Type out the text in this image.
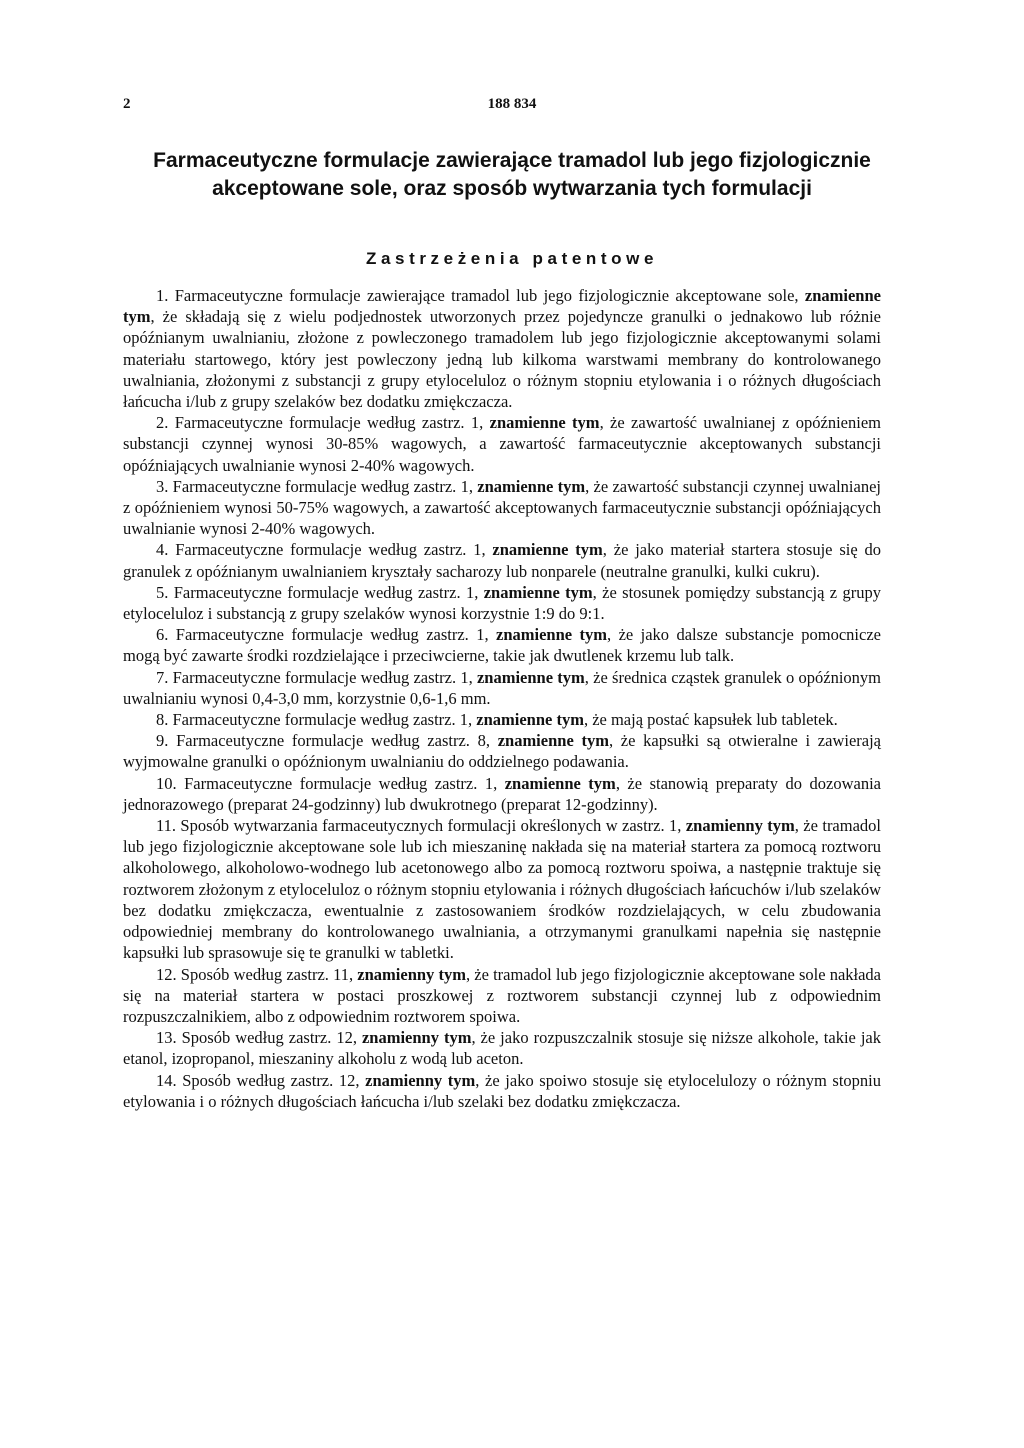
2	188 834
Farmaceutyczne formulacje zawierające tramadol lub jego fizjologicznie
akceptowane sole, oraz sposób wytwarzania tych formulacji
Zastrzeżenia patentowe

1. Farmaceutyczne formulacje zawierające tramadol lub jego fizjologicznie akceptowane sole, znamienne tym, że składają się z wielu podjednostek utworzonych przez pojedyncze granulki o jednakowo lub różnie opóźnianym uwalnianiu, złożone z powleczonego tramadolem lub jego fizjologicznie akceptowanymi solami materiału startowego, który jest powleczony jedną lub kilkoma warstwami membrany do kontrolowanego uwalniania, złożonymi z substancji z grupy etyloceluloz o różnym stopniu etylowania i o różnych długościach łańcucha i/lub z grupy szelaków bez dodatku zmiękczacza.

2. Farmaceutyczne formulacje według zastrz. 1, znamienne tym, że zawartość uwalnianej z opóźnieniem substancji czynnej wynosi 30-85% wagowych, a zawartość farmaceutycznie akceptowanych substancji opóźniających uwalnianie wynosi 2-40% wagowych.

3. Farmaceutyczne formulacje według zastrz. 1, znamienne tym, że zawartość substancji czynnej uwalnianej z opóźnieniem wynosi 50-75% wagowych, a zawartość akceptowanych farmaceutycznie substancji opóźniających uwalnianie wynosi 2-40% wagowych.

4. Farmaceutyczne formulacje według zastrz. 1, znamienne tym, że jako materiał startera stosuje się do granulek z opóźnianym uwalnianiem kryształy sacharozy lub nonparele (neutralne granulki, kulki cukru).

5. Farmaceutyczne formulacje według zastrz. 1, znamienne tym, że stosunek pomiędzy substancją z grupy etyloceluloz i substancją z grupy szelaków wynosi korzystnie 1:9 do 9:1.

6. Farmaceutyczne formulacje według zastrz. 1, znamienne tym, że jako dalsze substancje pomocnicze mogą być zawarte środki rozdzielające i przeciwcierne, takie jak dwutlenek krzemu lub talk.

7. Farmaceutyczne formulacje według zastrz. 1, znamienne tym, że średnica cząstek granulek o opóźnionym uwalnianiu wynosi 0,4-3,0 mm, korzystnie 0,6-1,6 mm.

8. Farmaceutyczne formulacje według zastrz. 1, znamienne tym, że mają postać kapsułek lub tabletek.

9. Farmaceutyczne formulacje według zastrz. 8, znamienne tym, że kapsułki są otwieralne i zawierają wyjmowalne granulki o opóźnionym uwalnianiu do oddzielnego podawania.

10. Farmaceutyczne formulacje według zastrz. 1, znamienne tym, że stanowią preparaty do dozowania jednorazowego (preparat 24-godzinny) lub dwukrotnego (preparat 12-godzinny).

11. Sposób wytwarzania farmaceutycznych formulacji określonych w zastrz. 1, znamienny tym, że tramadol lub jego fizjologicznie akceptowane sole lub ich mieszaninę nakłada się na materiał startera za pomocą roztworu alkoholowego, alkoholowo-wodnego lub acetonowego albo za pomocą roztworu spoiwa, a następnie traktuje się roztworem złożonym z etyloceluloz o różnym stopniu etylowania i różnych długościach łańcuchów i/lub szelaków bez dodatku zmiękczacza, ewentualnie z zastosowaniem środków rozdzielających, w celu zbudowania odpowiedniej membrany do kontrolowanego uwalniania, a otrzymanymi granulkami napełnia się następnie kapsułki lub sprasowuje się te granulki w tabletki.

12. Sposób według zastrz. 11, znamienny tym, że tramadol lub jego fizjologicznie akceptowane sole nakłada się na materiał startera w postaci proszkowej z roztworem substancji czynnej lub z odpowiednim rozpuszczalnikiem, albo z odpowiednim roztworem spoiwa.

13. Sposób według zastrz. 12, znamienny tym, że jako rozpuszczalnik stosuje się niższe alkohole, takie jak etanol, izopropanol, mieszaniny alkoholu z wodą lub aceton.

14. Sposób według zastrz. 12, znamienny tym, że jako spoiwo stosuje się etylocelulozy o różnym stopniu etylowania i o różnych długościach łańcucha i/lub szelaki bez dodatku zmiękczacza.
